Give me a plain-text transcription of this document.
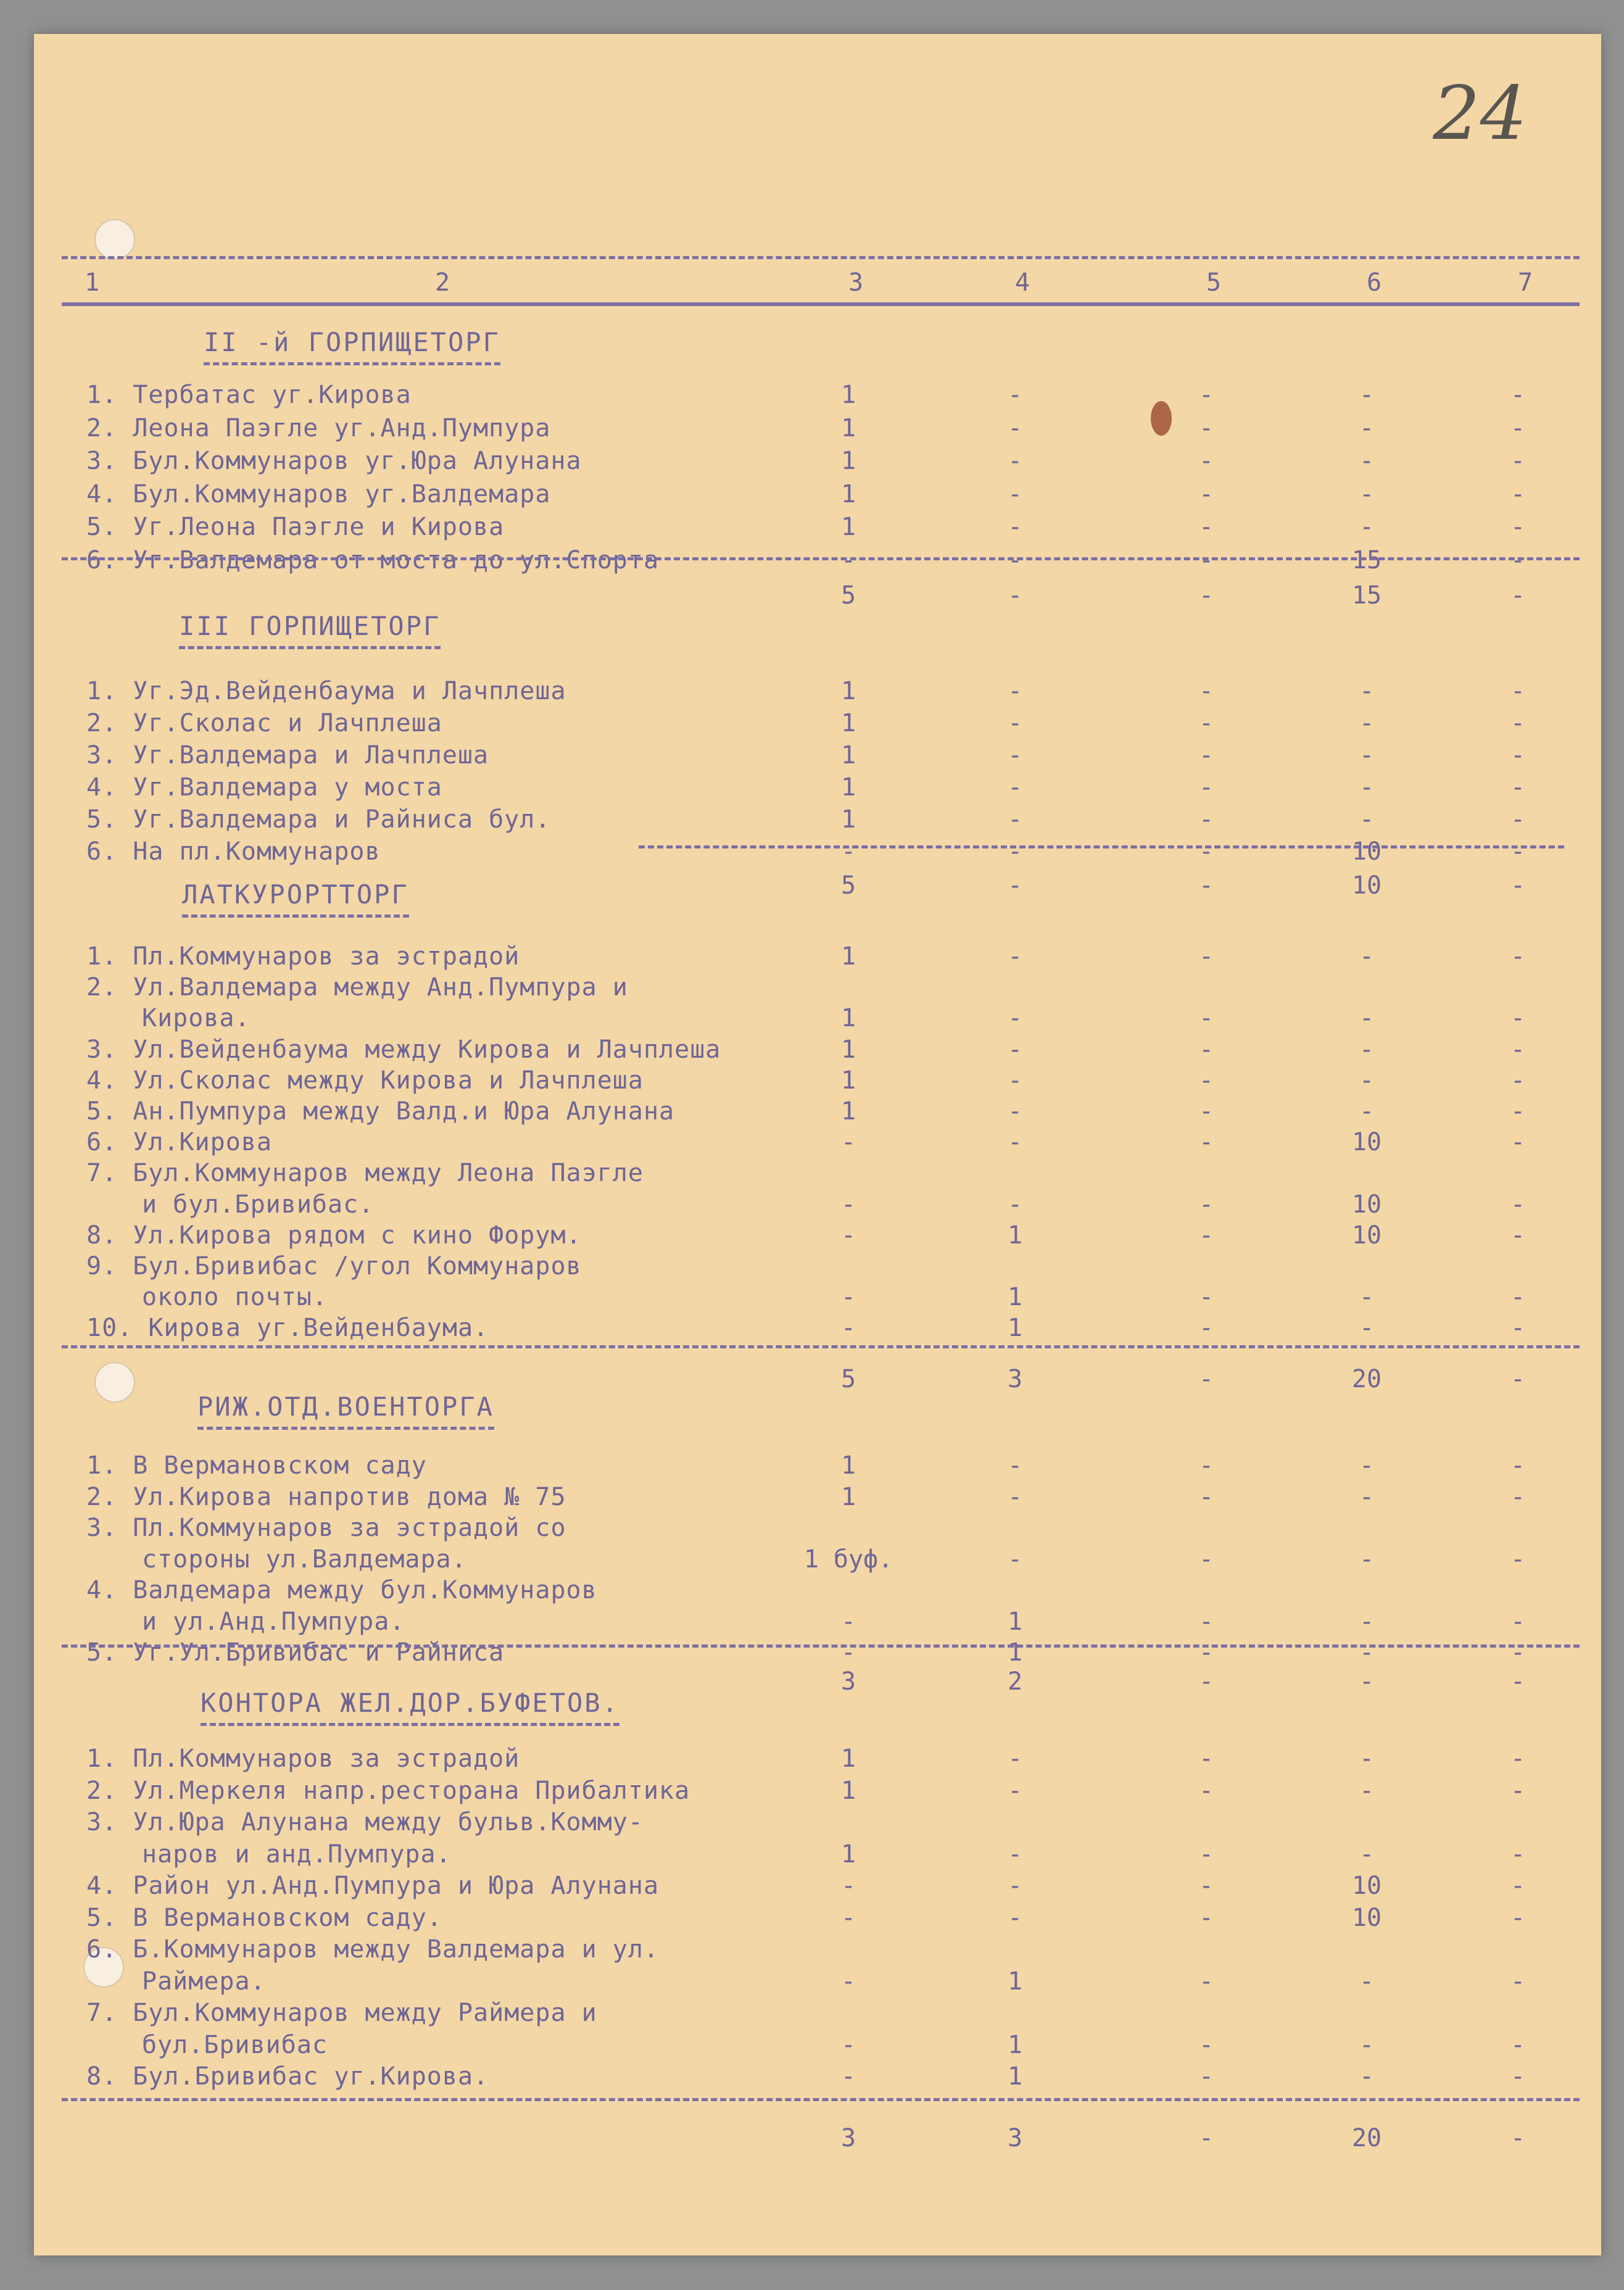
24
1	2	3	4	5	6	7
II -й ГОРПИЩЕТОРГ
1. Тербатас уг.Кирова	1	-	-	-	-
2. Леона Паэгле уг.Анд.Пумпура	1	-	-	-	-
3. Бул.Коммунаров уг.Юра Алунана	1	-	-	-	-
4. Бул.Коммунаров уг.Валдемара	1	-	-	-	-
5. Уг.Леона Паэгле и Кирова	1	-	-	-	-
6. Уг.Валдемара от моста до ул.Спорта	-	-	-	15	-
5	-	-	15	-
III ГОРПИЩЕТОРГ
1. Уг.Эд.Вейденбаума и Лачплеша	1	-	-	-	-
2. Уг.Сколас и Лачплеша	1	-	-	-	-
3. Уг.Валдемара и Лачплеша	1	-	-	-	-
4. Уг.Валдемара у моста	1	-	-	-	-
5. Уг.Валдемара и Райниса бул.	1	-	-	-	-
6. На пл.Коммунаров	-	-	-	10	-
5	-	-	10	-
ЛАТКУРОРТТОРГ
1. Пл.Коммунаров за эстрадой	1	-	-	-	-
2. Ул.Валдемара между Анд.Пумпура и
Кирова.	1	-	-	-	-
3. Ул.Вейденбаума между Кирова и Лачплеша	1	-	-	-	-
4. Ул.Сколас между Кирова и Лачплеша	1	-	-	-	-
5. Ан.Пумпура между Валд.и Юра Алунана	1	-	-	-	-
6. Ул.Кирова	-	-	-	10	-
7. Бул.Коммунаров между Леона Паэгле
и бул.Бривибас.	-	-	-	10	-
8. Ул.Кирова рядом с кино Форум.	-	1	-	10	-
9. Бул.Бривибас /угол Коммунаров
около почты.	-	1	-	-	-
10. Кирова уг.Вейденбаума.	-	1	-	-	-
5	3	-	20	-
РИЖ.ОТД.ВОЕНТОРГА
1. В Вермановском саду	1	-	-	-	-
2. Ул.Кирова напротив дома № 75	1	-	-	-	-
3. Пл.Коммунаров за эстрадой со
стороны ул.Валдемара.	1 буф.	-	-	-	-
4. Валдемара между бул.Коммунаров
и ул.Анд.Пумпура.	-	1	-	-	-
5. Уг.Ул.Бривибас и Райниса	-	1	-	-	-
3	2	-	-	-
КОНТОРА ЖЕЛ.ДОР.БУФЕТОВ.
1. Пл.Коммунаров за эстрадой	1	-	-	-	-
2. Ул.Меркеля напр.ресторана Прибалтика	1	-	-	-	-
3. Ул.Юра Алунана между бульв.Комму-
наров и анд.Пумпура.	1	-	-	-	-
4. Район ул.Анд.Пумпура и Юра Алунана	-	-	-	10	-
5. В Вермановском саду.	-	-	-	10	-
6. Б.Коммунаров между Валдемара и ул.
Раймера.	-	1	-	-	-
7. Бул.Коммунаров между Раймера и
бул.Бривибас	-	1	-	-	-
8. Бул.Бривибас уг.Кирова.	-	1	-	-	-
3	3	-	20	-
